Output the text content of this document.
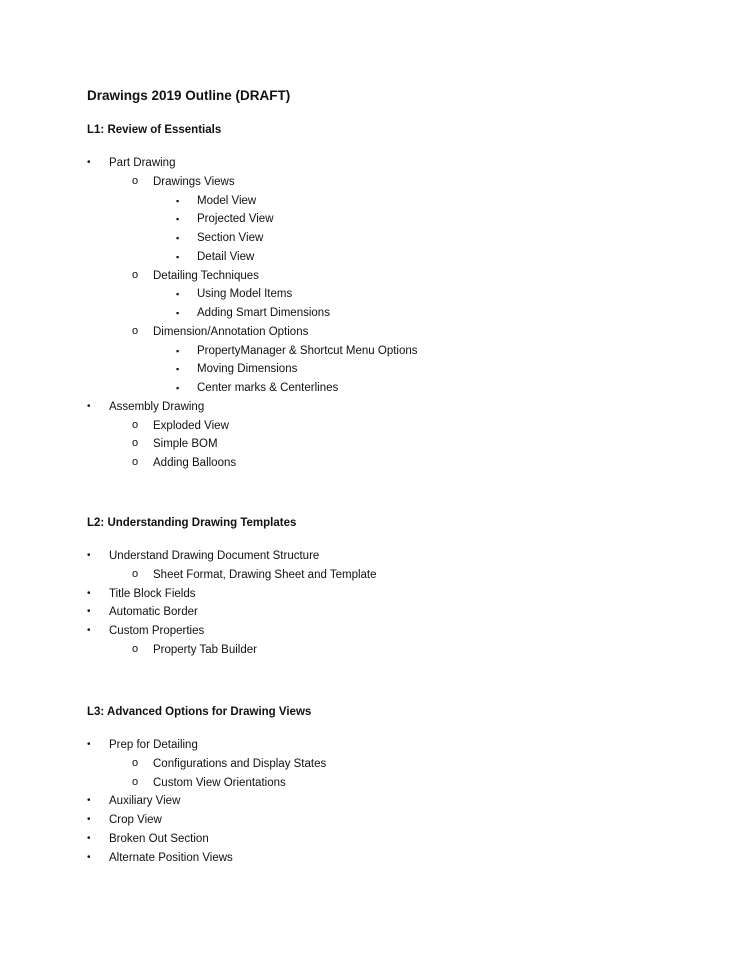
Drawings 2019 Outline (DRAFT)
L1: Review of Essentials
• Part Drawing
o Drawings Views
▪ Model View
▪ Projected View
▪ Section View
▪ Detail View
o Detailing Techniques
▪ Using Model Items
▪ Adding Smart Dimensions
o Dimension/Annotation Options
▪ PropertyManager & Shortcut Menu Options
▪ Moving Dimensions
▪ Center marks & Centerlines
• Assembly Drawing
o Exploded View
o Simple BOM
o Adding Balloons
L2: Understanding Drawing Templates
• Understand Drawing Document Structure
o Sheet Format, Drawing Sheet and Template
• Title Block Fields
• Automatic Border
• Custom Properties
o Property Tab Builder
L3: Advanced Options for Drawing Views
• Prep for Detailing
o Configurations and Display States
o Custom View Orientations
• Auxiliary View
• Crop View
• Broken Out Section
• Alternate Position Views
